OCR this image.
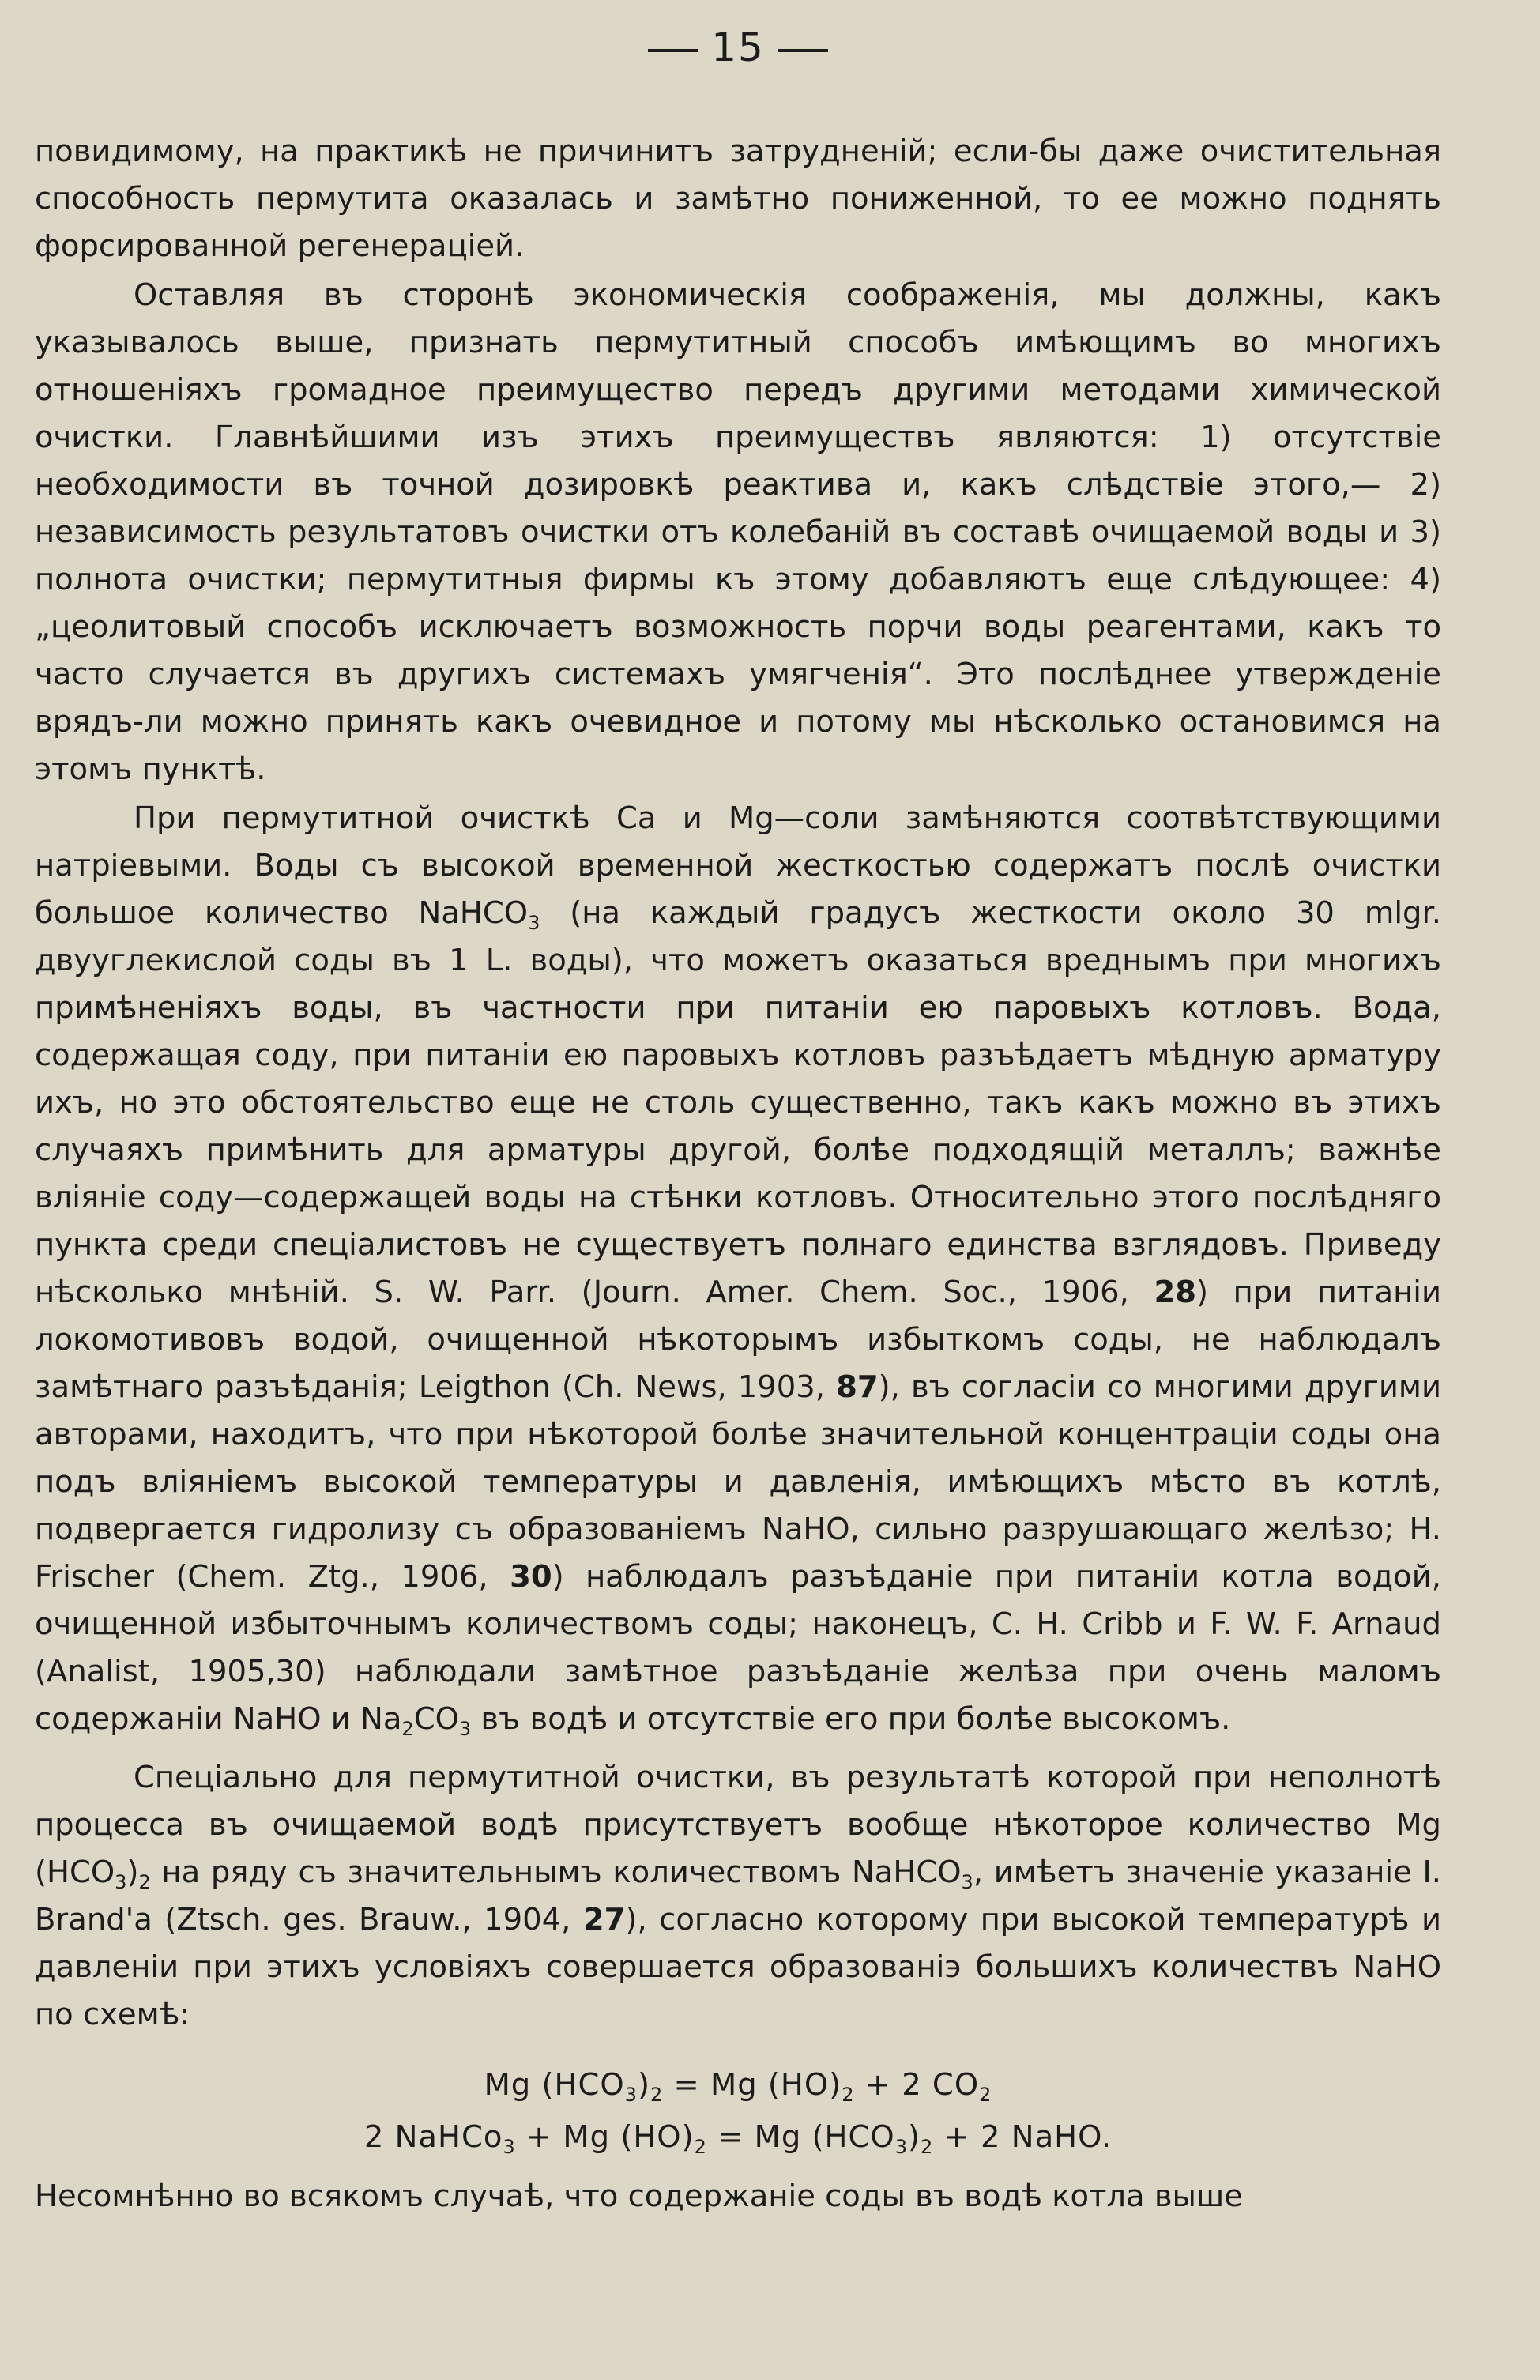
15

повидимому, на практикѣ не причинитъ затрудненій; если-бы даже очистительная способность пермутита оказалась и замѣтно пониженной, то ее можно поднять форсированной регенераціей.

Оставляя въ сторонѣ экономическія соображенія, мы должны, какъ указывалось выше, признать пермутитный способъ имѣющимъ во многихъ отношеніяхъ громадное преимущество передъ другими методами химической очистки. Главнѣйшими изъ этихъ преимуществъ являются: 1) отсутствіе необходимости въ точной дозировкѣ реактива и, какъ слѣдствіе этого,— 2) независимость результатовъ очистки отъ колебаній въ составѣ очищаемой воды и 3) полнота очистки; пермутитныя фирмы къ этому добавляютъ еще слѣдующее: 4) „цеолитовый способъ исключаетъ возможность порчи воды реагентами, какъ то часто случается въ другихъ системахъ умягченія“. Это послѣднее утвержденіе врядъ-ли можно принять какъ очевидное и потому мы нѣсколько остановимся на этомъ пунктѣ.

При пермутитной очисткѣ Са и Mg—соли замѣняются соотвѣтствующими натріевыми. Воды съ высокой временной жесткостью содержатъ послѣ очистки большое количество NaHCO$_3$ (на каждый градусъ жесткости около 30 mlgr. двууглекислой соды въ 1 L. воды), что можетъ оказаться вреднымъ при многихъ примѣненіяхъ воды, въ частности при питаніи ею паровыхъ котловъ. Вода, содержащая соду, при питаніи ею паровыхъ котловъ разъѣдаетъ мѣдную арматуру ихъ, но это обстоятельство еще не столь существенно, такъ какъ можно въ этихъ случаяхъ примѣнить для арматуры другой, болѣе подходящій металлъ; важнѣе вліяніе соду—содержащей воды на стѣнки котловъ. Относительно этого послѣдняго пункта среди спеціалистовъ не существуетъ полнаго единства взглядовъ. Приведу нѣсколько мнѣній. S. W. Parr. (Journ. Amer. Chem. Soc., 1906, 28) при питаніи локомотивовъ водой, очищенной нѣкоторымъ избыткомъ соды, не наблюдалъ замѣтнаго разъѣданія; Leigthon (Ch. News, 1903, 87), въ согласіи со многими другими авторами, находитъ, что при нѣкоторой болѣе значительной концентраціи соды она подъ вліяніемъ высокой температуры и давленія, имѣющихъ мѣсто въ котлѣ, подвергается гидролизу съ образованіемъ NaHO, сильно разрушающаго желѣзо; H. Frischer (Chem. Ztg., 1906, 30) наблюдалъ разъѣданіе при питаніи котла водой, очищенной избыточнымъ количествомъ соды; наконецъ, C. H. Cribb и F. W. F. Arnaud (Analist, 1905,30) наблюдали замѣтное разъѣданіе желѣза при очень маломъ содержаніи NaHO и $Na_2CO_3$ въ водѣ и отсутствіе его при болѣе высокомъ.

Спеціально для пермутитной очистки, въ результатѣ которой при неполнотѣ процесса въ очищаемой водѣ присутствуетъ вообще нѣкоторое количество Mg $(HCO_3)_2$ на ряду съ значительнымъ количествомъ NaHCO$_3$, имѣетъ значеніе указаніе I. Brand'a (Ztsch. ges. Brauw., 1904, 27), согласно которому при высокой температурѣ и давленіи при этихъ условіяхъ совершается образованіэ большихъ количествъ NaHO по схемѣ:

Mg $(HCO_3)_2 = Mg$ $(HO)_2 + 2$ $CO_2$
2 NaHCo$_3$ + Mg $(HO)_2 = Mg$ $(HCO_3)_2 + 2$ NaHO.

Несомнѣнно во всякомъ случаѣ, что содержаніе соды въ водѣ котла выше
